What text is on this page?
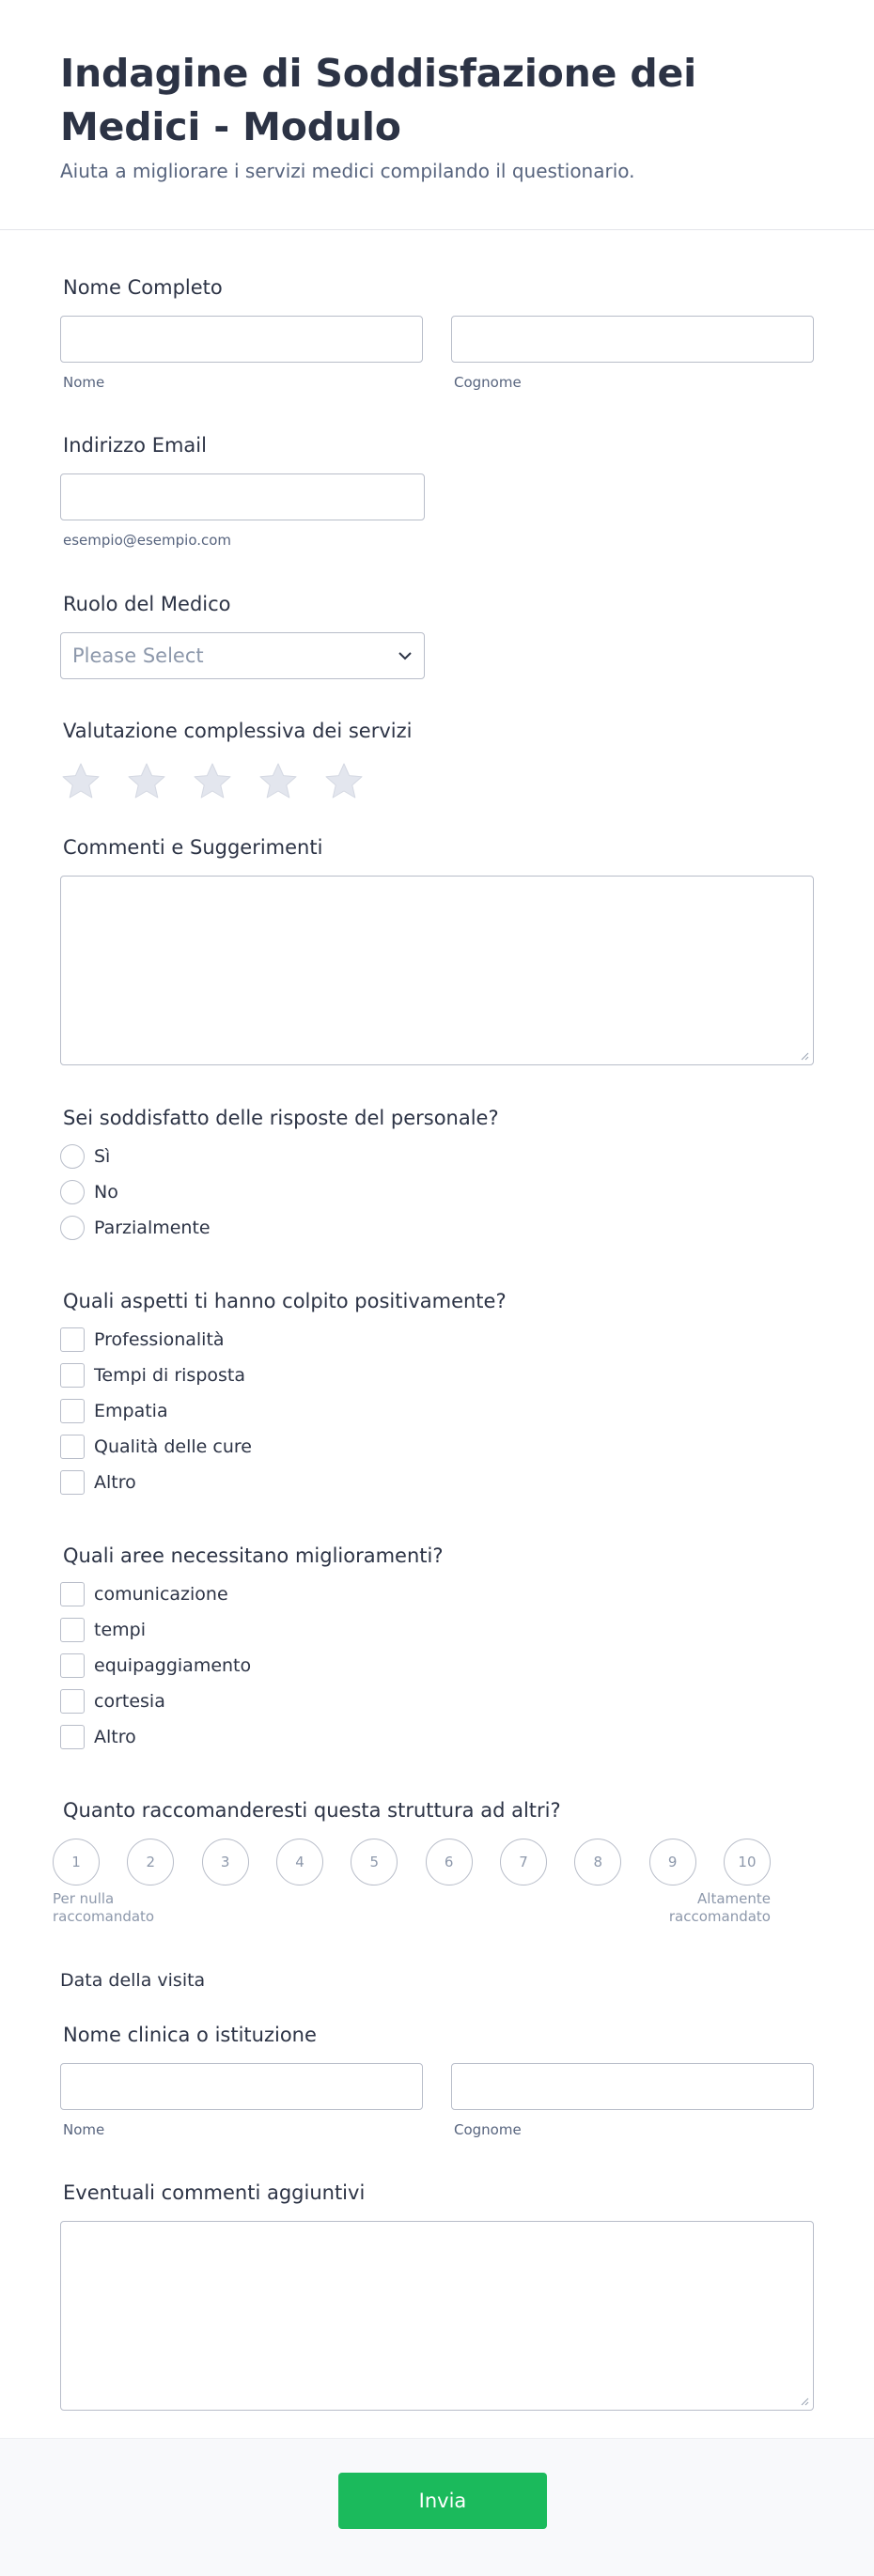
Indagine di Soddisfazione dei Medici - Modulo

Aiuta a migliorare i servizi medici compilando il questionario.

Nome Completo
Nome	Cognome
Indirizzo Email
esempio@esempio.com
Ruolo del Medico
Please Select
Valutazione complessiva dei servizi
Commenti e Suggerimenti
Sei soddisfatto delle risposte del personale?
Sì
No
Parzialmente
Quali aspetti ti hanno colpito positivamente?
Professionalità
Tempi di risposta
Empatia
Qualità delle cure
Altro
Quali aree necessitano miglioramenti?
comunicazione
tempi
equipaggiamento
cortesia
Altro
Quanto raccomanderesti questa struttura ad altri?
1	2	3	4	5	6	7	8	9	10
Per nulla raccomandato
Altamente raccomandato
Data della visita
Nome clinica o istituzione
Nome	Cognome
Eventuali commenti aggiuntivi
Invia
